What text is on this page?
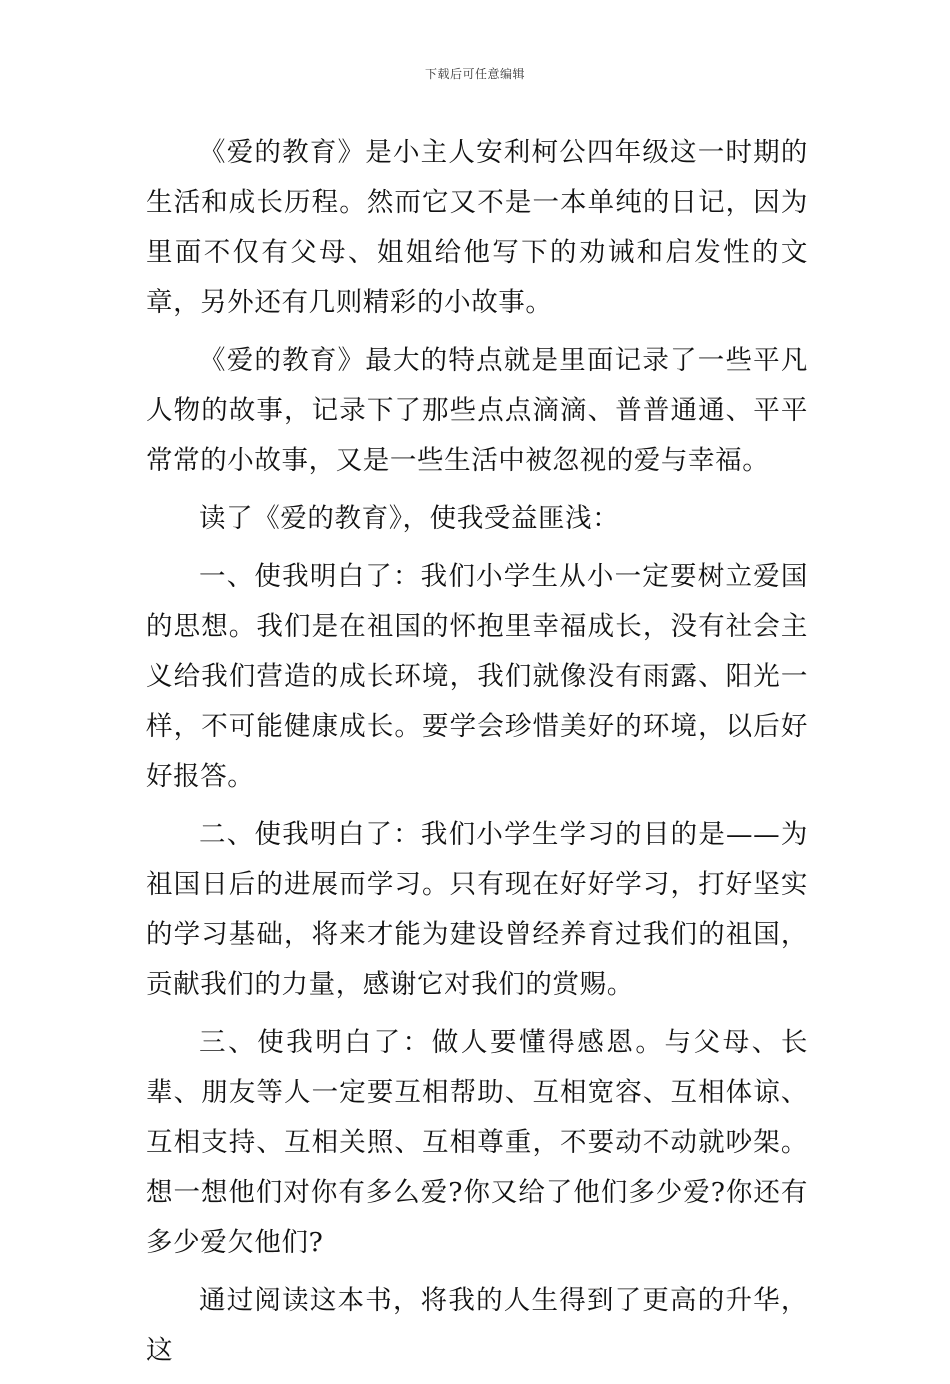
下载后可任意编辑

《爱的教育》是小主人安利柯公四年级这一时期的生活和成长历程。然而它又不是一本单纯的日记，因为里面不仅有父母、姐姐给他写下的劝诫和启发性的文章，另外还有几则精彩的小故事。

《爱的教育》最大的特点就是里面记录了一些平凡人物的故事，记录下了那些点点滴滴、普普通通、平平常常的小故事，又是一些生活中被忽视的爱与幸福。

读了《爱的教育》，使我受益匪浅：

一、使我明白了：我们小学生从小一定要树立爱国的思想。我们是在祖国的怀抱里幸福成长，没有社会主义给我们营造的成长环境，我们就像没有雨露、阳光一样，不可能健康成长。要学会珍惜美好的环境，以后好好报答。

二、使我明白了：我们小学生学习的目的是——为祖国日后的进展而学习。只有现在好好学习，打好坚实的学习基础，将来才能为建设曾经养育过我们的祖国，贡献我们的力量，感谢它对我们的赏赐。

三、使我明白了：做人要懂得感恩。与父母、长辈、朋友等人一定要互相帮助、互相宽容、互相体谅、互相支持、互相关照、互相尊重，不要动不动就吵架。想一想他们对你有多么爱?你又给了他们多少爱?你还有多少爱欠他们?

通过阅读这本书，将我的人生得到了更高的升华，这
